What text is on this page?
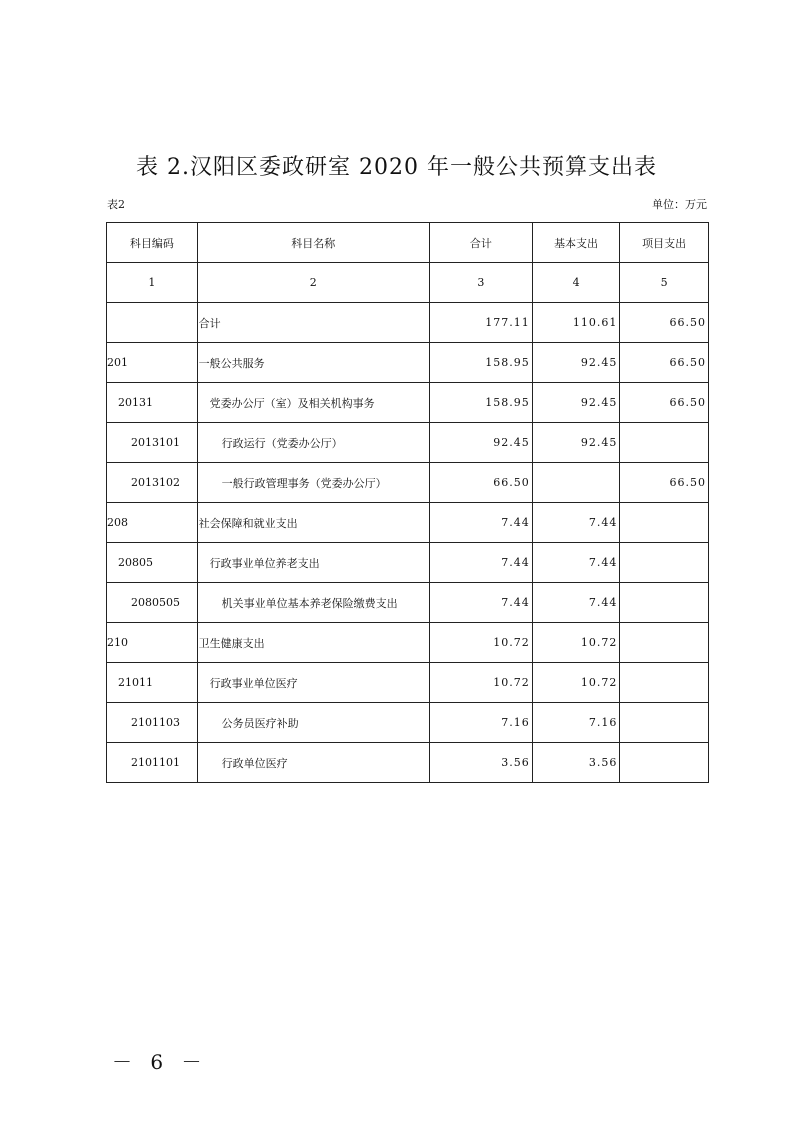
表 2.汉阳区委政研室 2020 年一般公共预算支出表
表2	单位：万元
科目编码	科目名称	合计	基本支出	项目支出
1	2	3	4	5
	合计	177.11	110.61	66.50
201	一般公共服务	158.95	92.45	66.50
20131	党委办公厅（室）及相关机构事务	158.95	92.45	66.50
2013101	行政运行（党委办公厅）	92.45	92.45	
2013102	一般行政管理事务（党委办公厅）	66.50		66.50
208	社会保障和就业支出	7.44	7.44	
20805	行政事业单位养老支出	7.44	7.44	
2080505	机关事业单位基本养老保险缴费支出	7.44	7.44	
210	卫生健康支出	10.72	10.72	
21011	行政事业单位医疗	10.72	10.72	
2101103	公务员医疗补助	7.16	7.16	
2101101	行政单位医疗	3.56	3.56	
－ 6 －
